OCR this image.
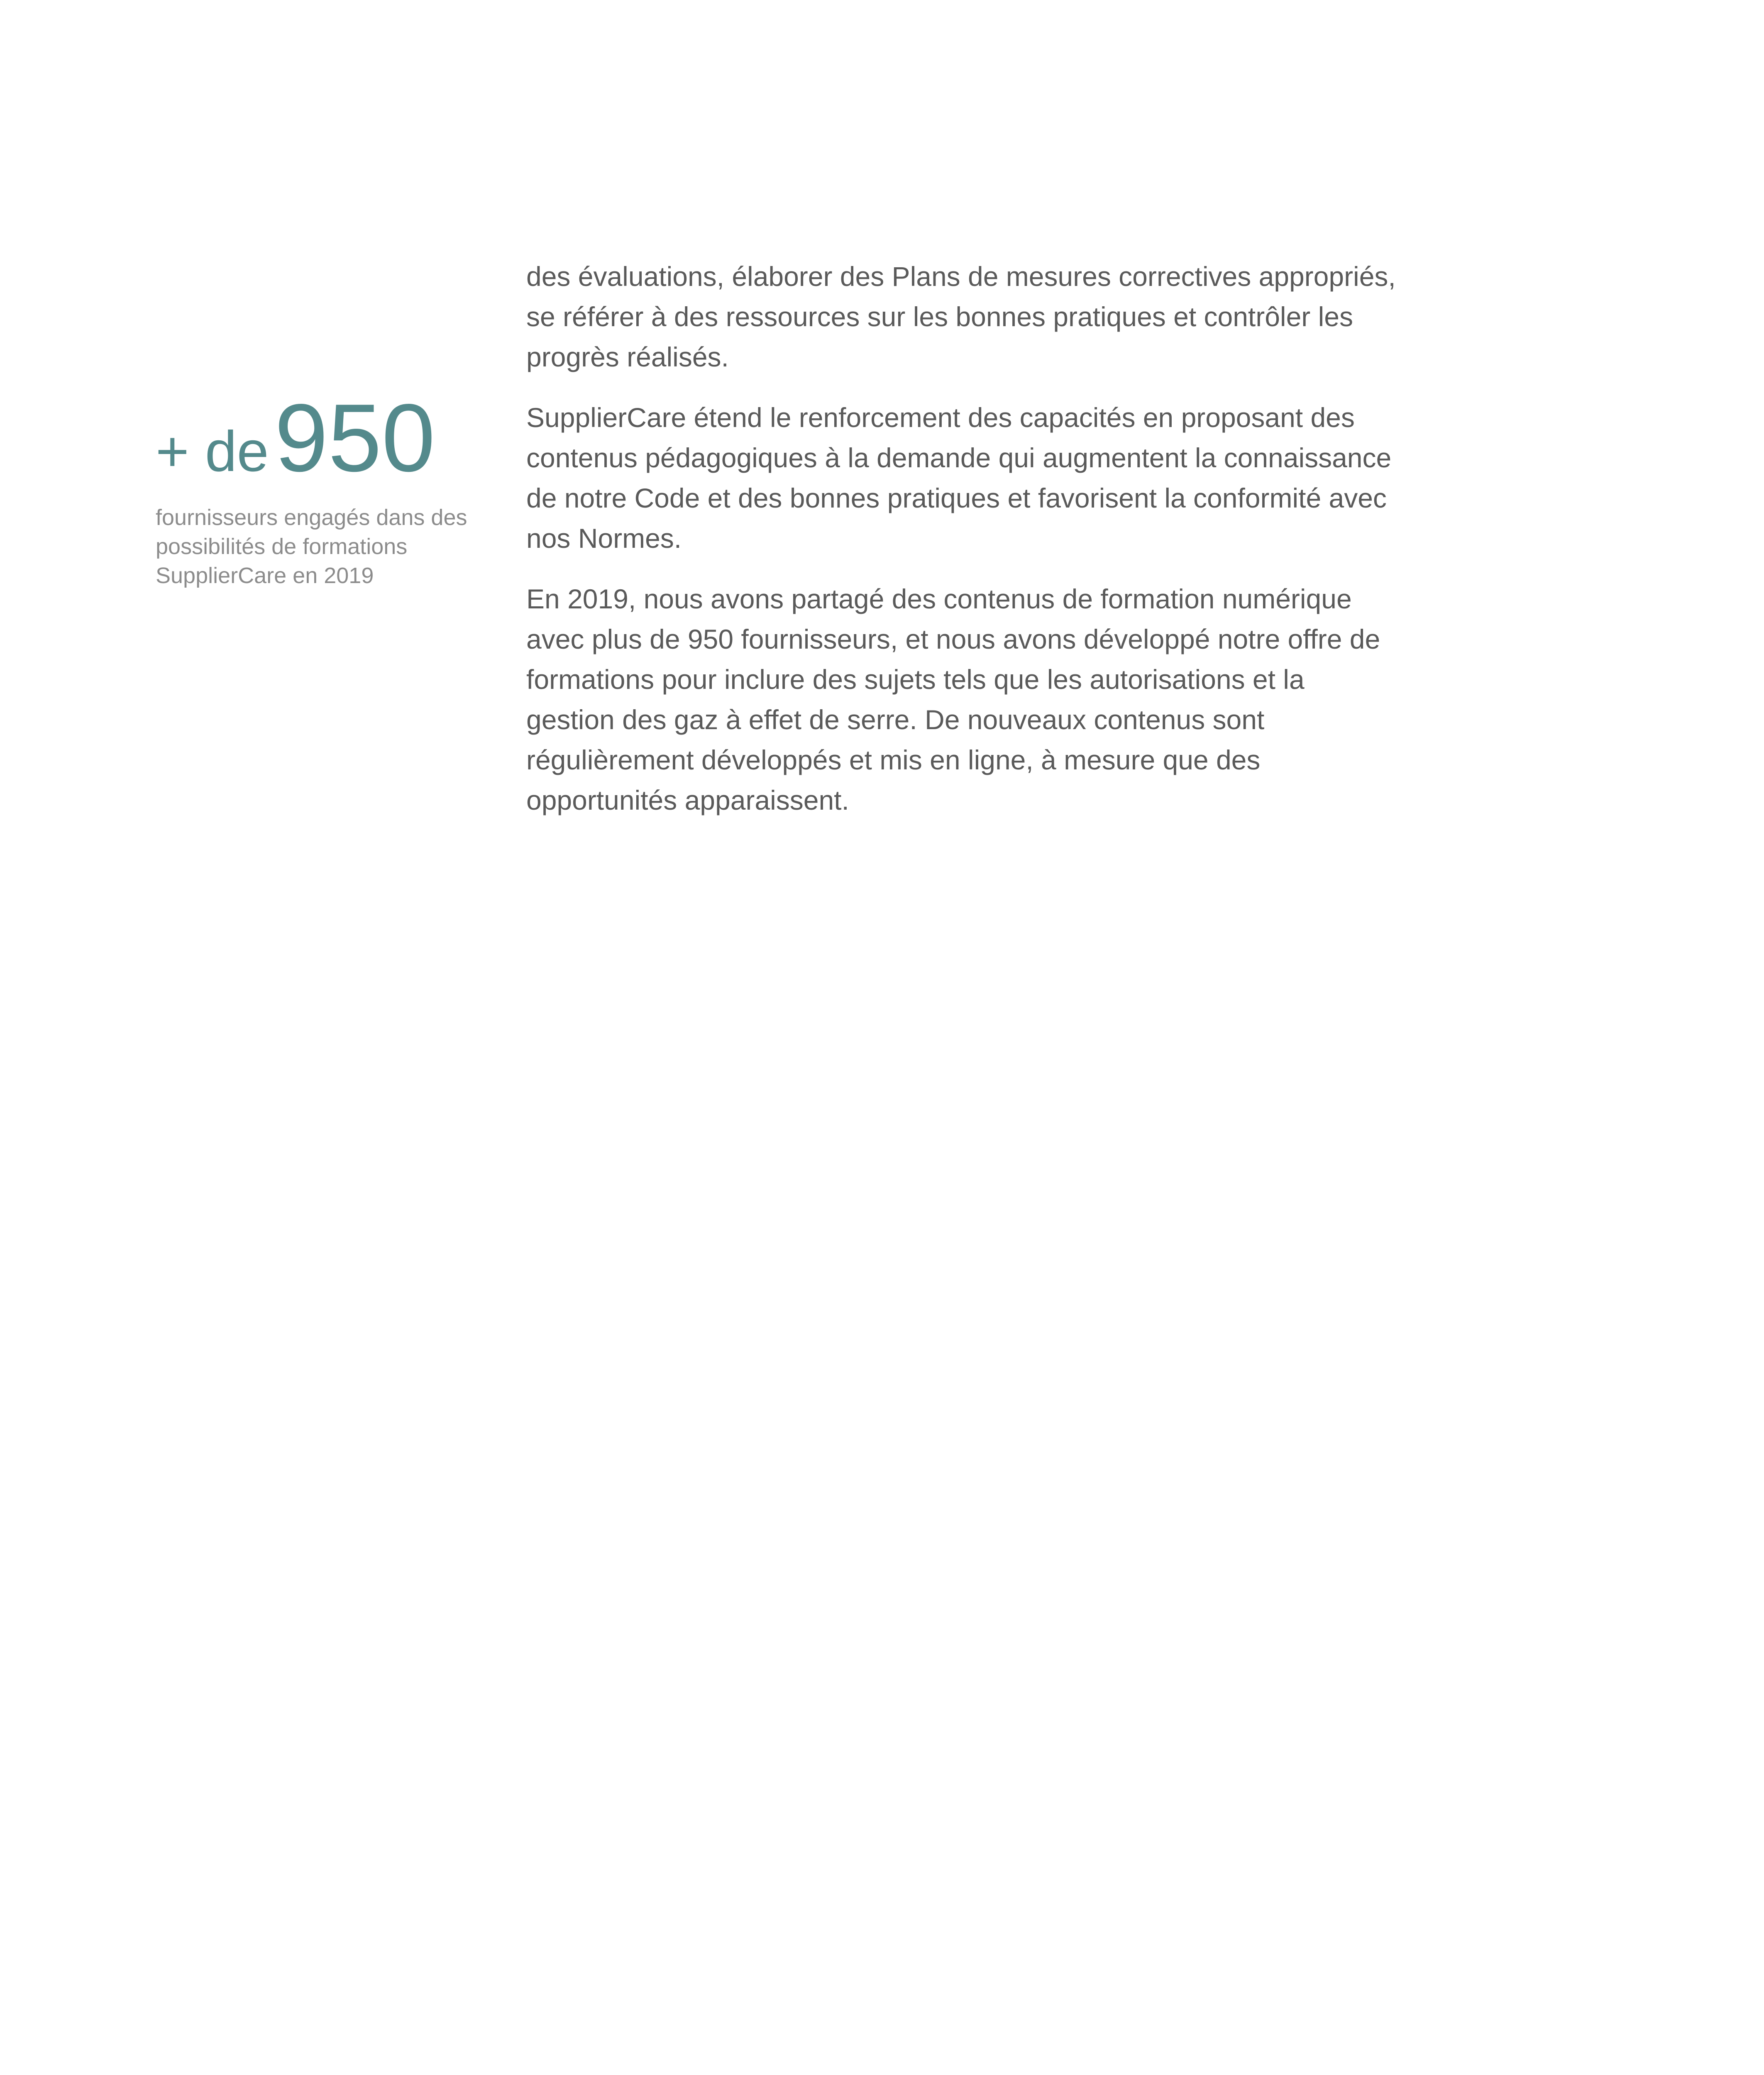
+ de950
fournisseurs engagés dans des possibilités de formations SupplierCare en 2019

des évaluations, élaborer des Plans de mesures correctives appropriés, se référer à des ressources sur les bonnes pratiques et contrôler les progrès réalisés.

SupplierCare étend le renforcement des capacités en proposant des contenus pédagogiques à la demande qui augmentent la connaissance de notre Code et des bonnes pratiques et favorisent la conformité avec nos Normes.

En 2019, nous avons partagé des contenus de formation numérique avec plus de 950 fournisseurs, et nous avons développé notre offre de formations pour inclure des sujets tels que les autorisations et la gestion des gaz à effet de serre. De nouveaux contenus sont régulièrement développés et mis en ligne, à mesure que des opportunités apparaissent.
